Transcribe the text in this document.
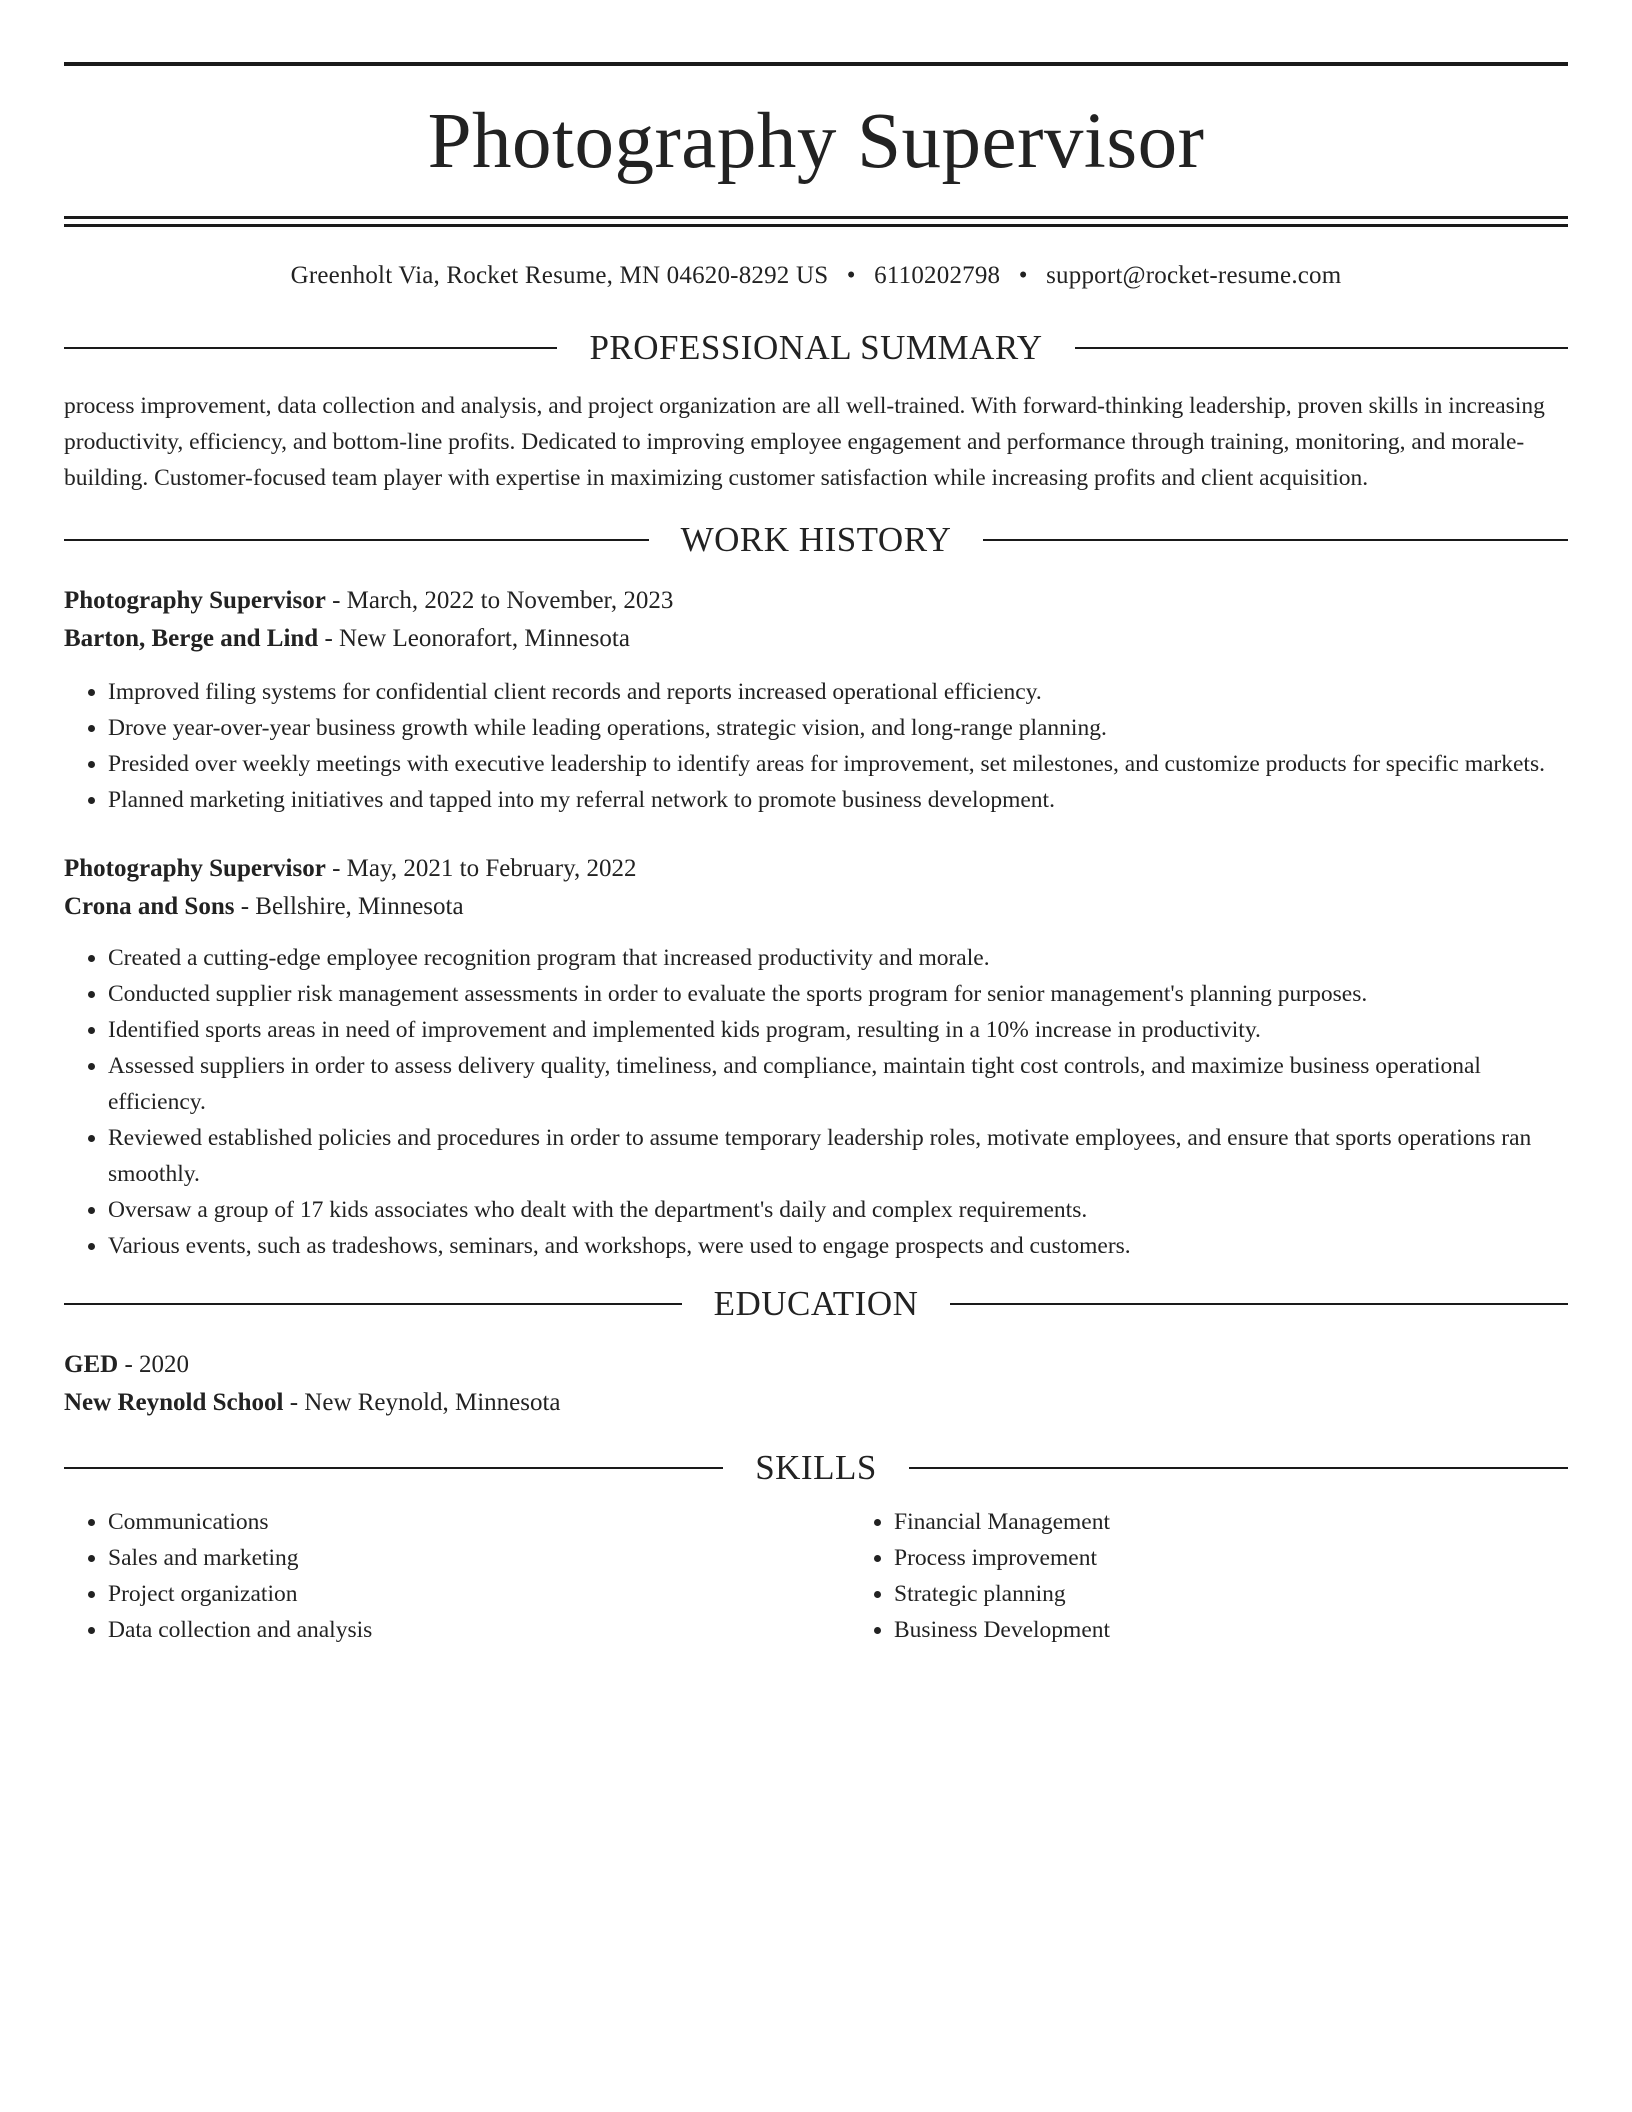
Photography Supervisor
Greenholt Via, Rocket Resume, MN 04620-8292 US • 6110202798 • support@rocket-resume.com
PROFESSIONAL SUMMARY

process improvement, data collection and analysis, and project organization are all well-trained. With forward-thinking leadership, proven skills in increasing productivity, efficiency, and bottom-line profits. Dedicated to improving employee engagement and performance through training, monitoring, and morale-building. Customer-focused team player with expertise in maximizing customer satisfaction while increasing profits and client acquisition.

WORK HISTORY

Photography Supervisor - March, 2022 to November, 2023

Barton, Berge and Lind - New Leonorafort, Minnesota

• Improved filing systems for confidential client records and reports increased operational efficiency.
• Drove year-over-year business growth while leading operations, strategic vision, and long-range planning.
• Presided over weekly meetings with executive leadership to identify areas for improvement, set milestones, and customize products for specific markets.
• Planned marketing initiatives and tapped into my referral network to promote business development.

Photography Supervisor - May, 2021 to February, 2022

Crona and Sons - Bellshire, Minnesota

• Created a cutting-edge employee recognition program that increased productivity and morale.
• Conducted supplier risk management assessments in order to evaluate the sports program for senior management's planning purposes.
• Identified sports areas in need of improvement and implemented kids program, resulting in a 10% increase in productivity.
• Assessed suppliers in order to assess delivery quality, timeliness, and compliance, maintain tight cost controls, and maximize business operational efficiency.
• Reviewed established policies and procedures in order to assume temporary leadership roles, motivate employees, and ensure that sports operations ran smoothly.
• Oversaw a group of 17 kids associates who dealt with the department's daily and complex requirements.
• Various events, such as tradeshows, seminars, and workshops, were used to engage prospects and customers.
EDUCATION

GED - 2020

New Reynold School - New Reynold, Minnesota

SKILLS
• Communications
• Sales and marketing
• Project organization
• Data collection and analysis
• Financial Management
• Process improvement
• Strategic planning
• Business Development
